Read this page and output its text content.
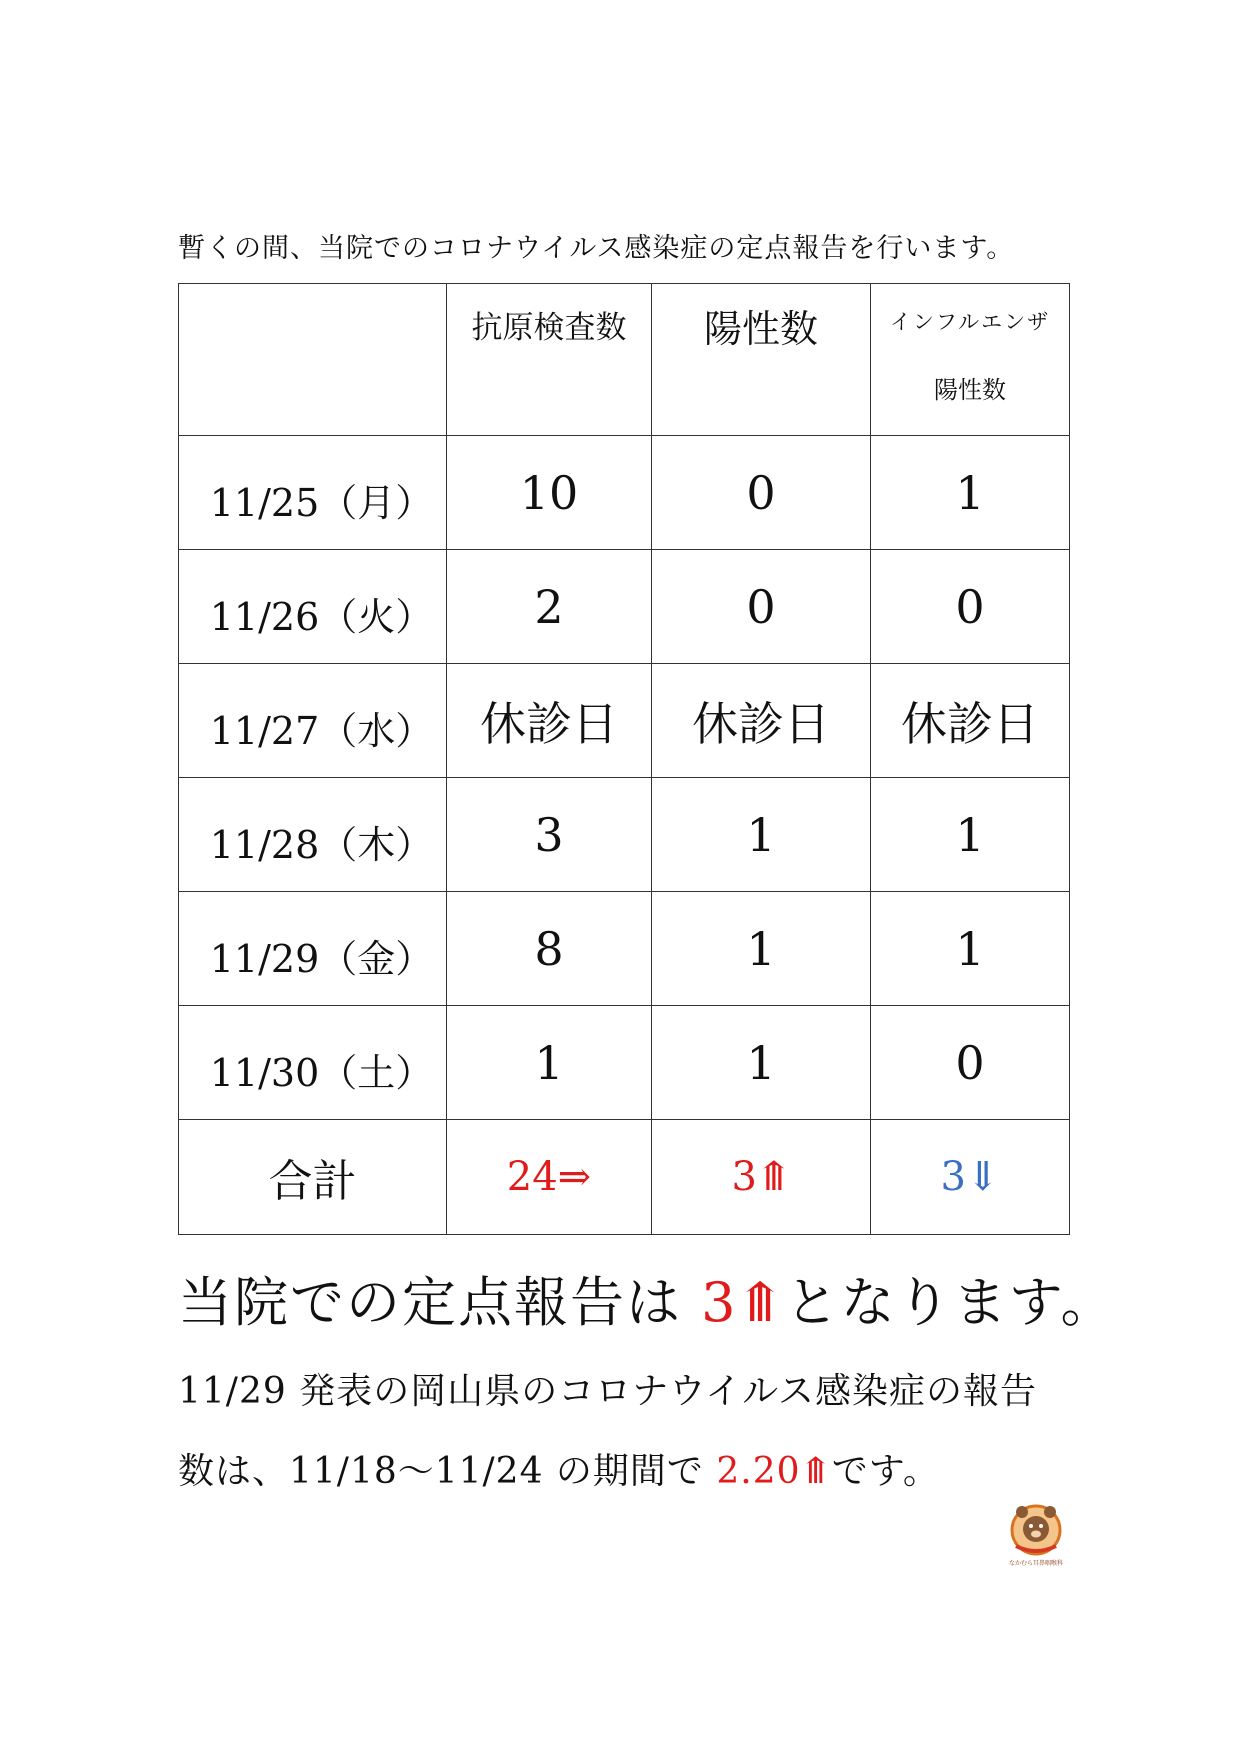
暫くの間、当院でのコロナウイルス感染症の定点報告を行います。

	抗原検査数	陽性数	インフルエンザ
陽性数

11/25（月）	10	0	1

11/26（火）	2	0	0

11/27（水）	休診日	休診日	休診日

11/28（木）	3	1	1

11/29（金）	8	1	1

11/30（土）	1	1	0
合計	24⇒	3⤊	3⇓

当院での定点報告は 3⤊となります。

11/29 発表の岡山県のコロナウイルス感染症の報告

数は、11/18～11/24 の期間で 2.20⤊です。

なかむら耳鼻咽喉科
